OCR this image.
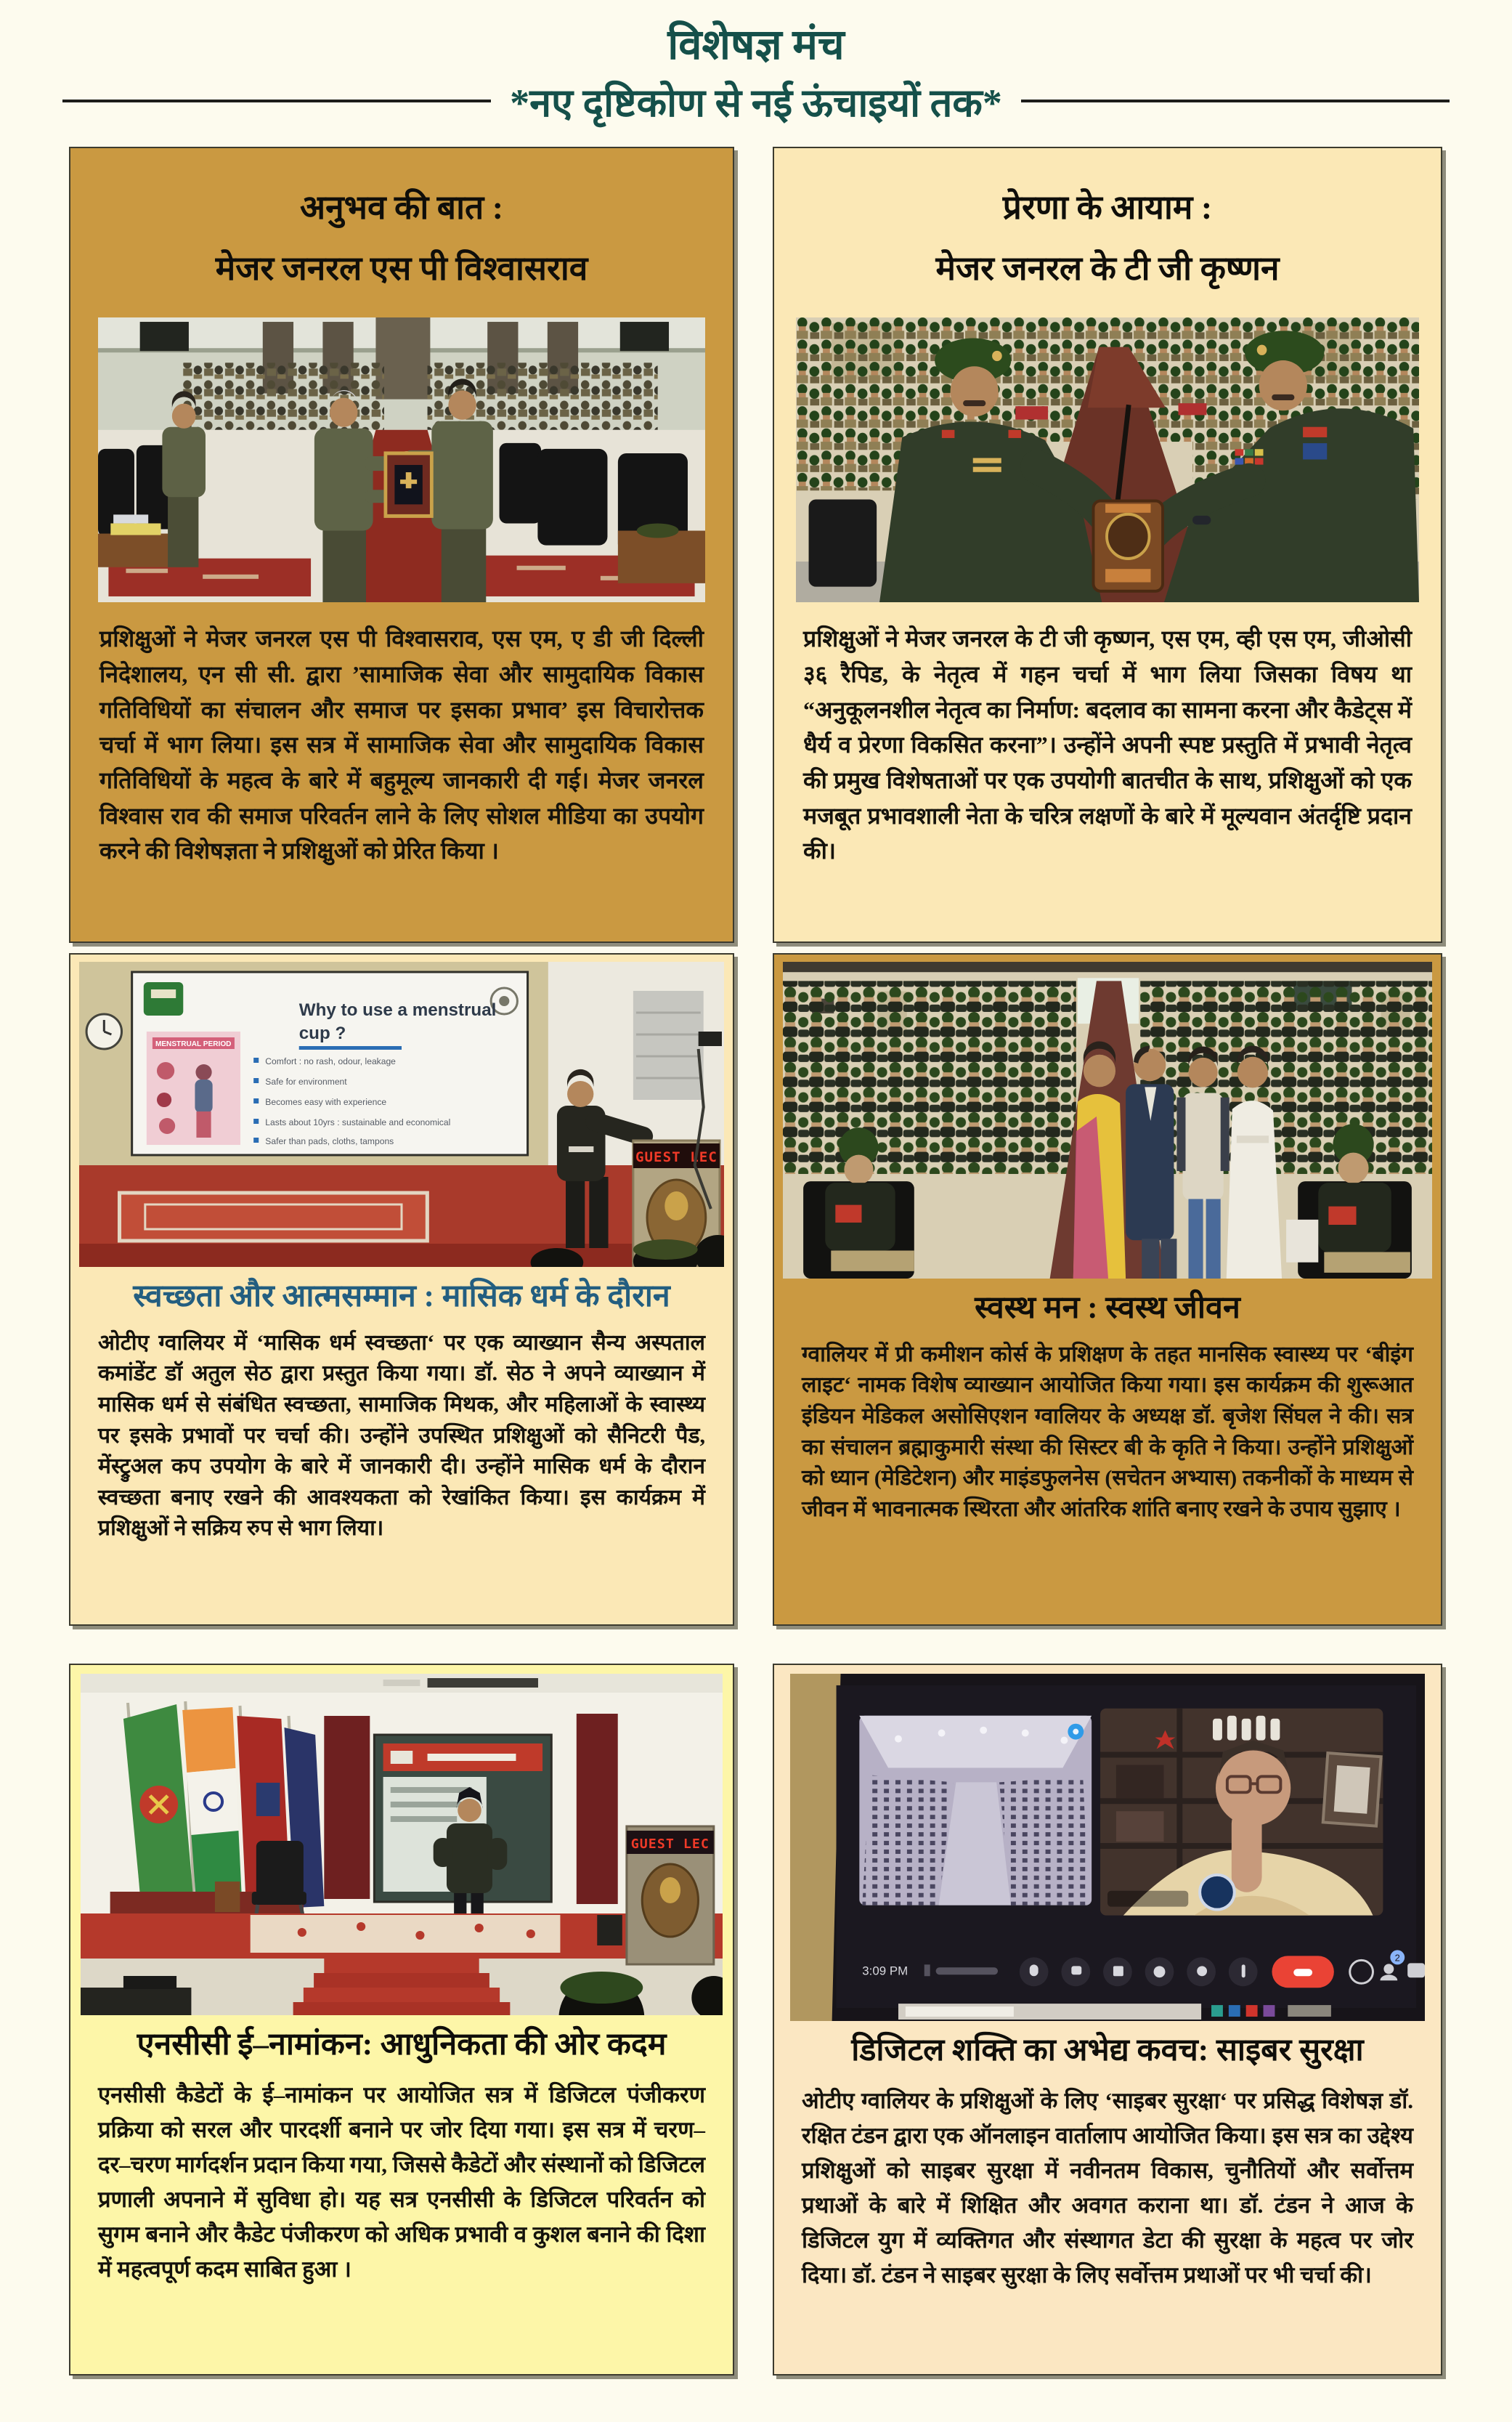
विशेषज्ञ मंच
*नए दृष्टिकोण से नई ऊंचाइयों तक*
अनुभव की बात :
मेजर जनरल एस पी विश्वासराव

प्रशिक्षुओं ने मेजर जनरल एस पी विश्वासराव, एस एम, ए डी जी दिल्ली निदेशालय, एन सी सी. द्वारा ’सामाजिक सेवा और सामुदायिक विकास गतिविधियों का संचालन और समाज पर इसका प्रभाव’ इस विचारोत्तक चर्चा में भाग लिया। इस सत्र में सामाजिक सेवा और सामुदायिक विकास गतिविधियों के महत्व के बारे में बहुमूल्य जानकारी दी गई। मेजर जनरल विश्वास राव की समाज परिवर्तन लाने के लिए सोशल मीडिया का उपयोग करने की विशेषज्ञता ने प्रशिक्षुओं को प्रेरित किया ।

प्रेरणा के आयाम :
मेजर जनरल के टी जी कृष्णन

प्रशिक्षुओं ने मेजर जनरल के टी जी कृष्णन, एस एम, व्ही एस एम, जीओसी ३६ रैपिड, के नेतृत्व में गहन चर्चा में भाग लिया जिसका विषय था “अनुकूलनशील नेतृत्व का निर्माण: बदलाव का सामना करना और कैडेट्स में धैर्य व प्रेरणा विकसित करना”। उन्होंने अपनी स्पष्ट प्रस्तुति में प्रभावी नेतृत्व की प्रमुख विशेषताओं पर एक उपयोगी बातचीत के साथ, प्रशिक्षुओं को एक मजबूत प्रभावशाली नेता के चरित्र लक्षणों के बारे में मूल्यवान अंतर्दृष्टि प्रदान की।

Why to use a menstrual
cup ?
MENSTRUAL PERIOD
Comfort : no rash, odour, leakage
Safe for environment
Becomes easy with experience
Lasts about 10yrs : sustainable and economical
Safer than pads, cloths, tampons
GUEST LEC
स्वच्छता और आत्मसम्मान : मासिक धर्म के दौरान

ओटीए ग्वालियर में ‘मासिक धर्म स्वच्छता‘ पर एक व्याख्यान सैन्य अस्पताल कमांडेंट डॉ अतुल सेठ द्वारा प्रस्तुत किया गया। डॉ. सेठ ने अपने व्याख्यान में मासिक धर्म से संबंधित स्वच्छता, सामाजिक मिथक, और महिलाओं के स्वास्थ्य पर इसके प्रभावों पर चर्चा की। उन्होंने उपस्थित प्रशिक्षुओं को सैनिटरी पैड, मेंस्ट्रुअल कप उपयोग के बारे में जानकारी दी। उन्होंने मासिक धर्म के दौरान स्वच्छता बनाए रखने की आवश्यकता को रेखांकित किया। इस कार्यक्रम में प्रशिक्षुओं ने सक्रिय रुप से भाग लिया।

स्वस्थ मन : स्वस्थ जीवन

ग्वालियर में प्री कमीशन कोर्स के प्रशिक्षण के तहत मानसिक स्वास्थ्य पर ‘बीइंग लाइट‘ नामक विशेष व्याख्यान आयोजित किया गया। इस कार्यक्रम की शुरूआत इंडियन मेडिकल असोसिएशन ग्वालियर के अध्यक्ष डॉ. बृजेश सिंघल ने की। सत्र का संचालन ब्रह्माकुमारी संस्था की सिस्टर बी के कृति ने किया। उन्होंने प्रशिक्षुओं को ध्यान (मेडिटेशन) और माइंडफुलनेस (सचेतन अभ्यास) तकनीकों के माध्यम से जीवन में भावनात्मक स्थिरता और आंतरिक शांति बनाए रखने के उपाय सुझाए ।

GUEST LEC
एनसीसी ई–नामांकन: आधुनिकता की ओर कदम

एनसीसी कैडेटों के ई–नामांकन पर आयोजित सत्र में डिजिटल पंजीकरण प्रक्रिया को सरल और पारदर्शी बनाने पर जोर दिया गया। इस सत्र में चरण–दर–चरण मार्गदर्शन प्रदान किया गया, जिससे कैडेटों और संस्थानों को डिजिटल प्रणाली अपनाने में सुविधा हो। यह सत्र एनसीसी के डिजिटल परिवर्तन को सुगम बनाने और कैडेट पंजीकरण को अधिक प्रभावी व कुशल बनाने की दिशा में महत्वपूर्ण कदम साबित हुआ ।

3:09 PM
2
डिजिटल शक्ति का अभेद्य कवच: साइबर सुरक्षा

ओटीए ग्वालियर के प्रशिक्षुओं के लिए ‘साइबर सुरक्षा‘ पर प्रसिद्ध विशेषज्ञ डॉ. रक्षित टंडन द्वारा एक ऑनलाइन वार्तालाप आयोजित किया। इस सत्र का उद्देश्य प्रशिक्षुओं को साइबर सुरक्षा में नवीनतम विकास, चुनौतियों और सर्वोत्तम प्रथाओं के बारे में शिक्षित और अवगत कराना था। डॉ. टंडन ने आज के डिजिटल युग में व्यक्तिगत और संस्थागत डेटा की सुरक्षा के महत्व पर जोर दिया। डॉ. टंडन ने साइबर सुरक्षा के लिए सर्वोत्तम प्रथाओं पर भी चर्चा की।
